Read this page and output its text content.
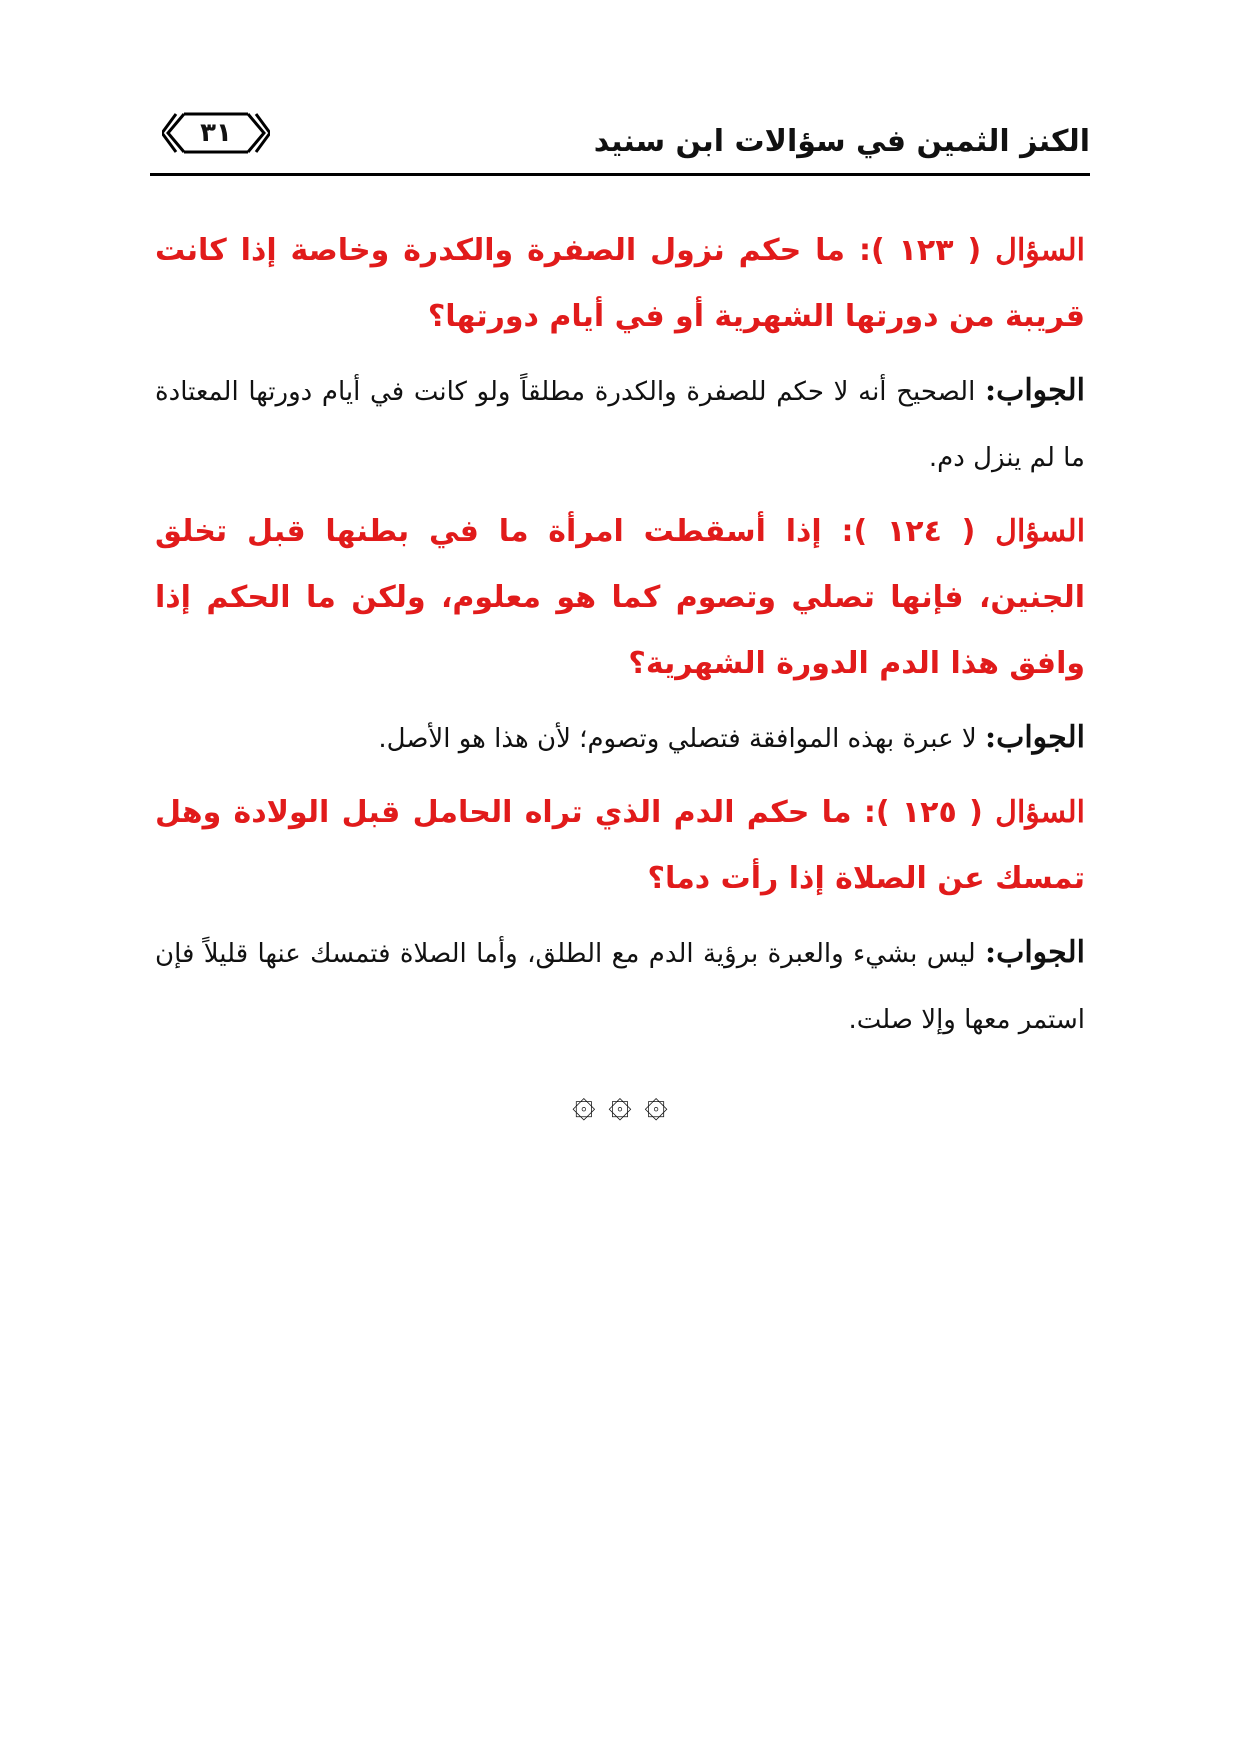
الكنز الثمين في سؤالات ابن سنيد
٣١

السؤال ( ١٢٣ ): ما حكم نزول الصفرة والكدرة وخاصة إذا كانت قريبة من دورتها الشهرية أو في أيام دورتها؟

الجواب: الصحيح أنه لا حكم للصفرة والكدرة مطلقاً ولو كانت في أيام دورتها المعتادة ما لم ينزل دم.

السؤال ( ١٢٤ ): إذا أسقطت امرأة ما في بطنها قبل تخلق الجنين، فإنها تصلي وتصوم كما هو معلوم، ولكن ما الحكم إذا وافق هذا الدم الدورة الشهرية؟

الجواب: لا عبرة بهذه الموافقة فتصلي وتصوم؛ لأن هذا هو الأصل.

السؤال ( ١٢٥ ): ما حكم الدم الذي تراه الحامل قبل الولادة وهل تمسك عن الصلاة إذا رأت دما؟

الجواب: ليس بشيء والعبرة برؤية الدم مع الطلق، وأما الصلاة فتمسك عنها قليلاً فإن استمر معها وإلا صلت.

۞ ۞ ۞
